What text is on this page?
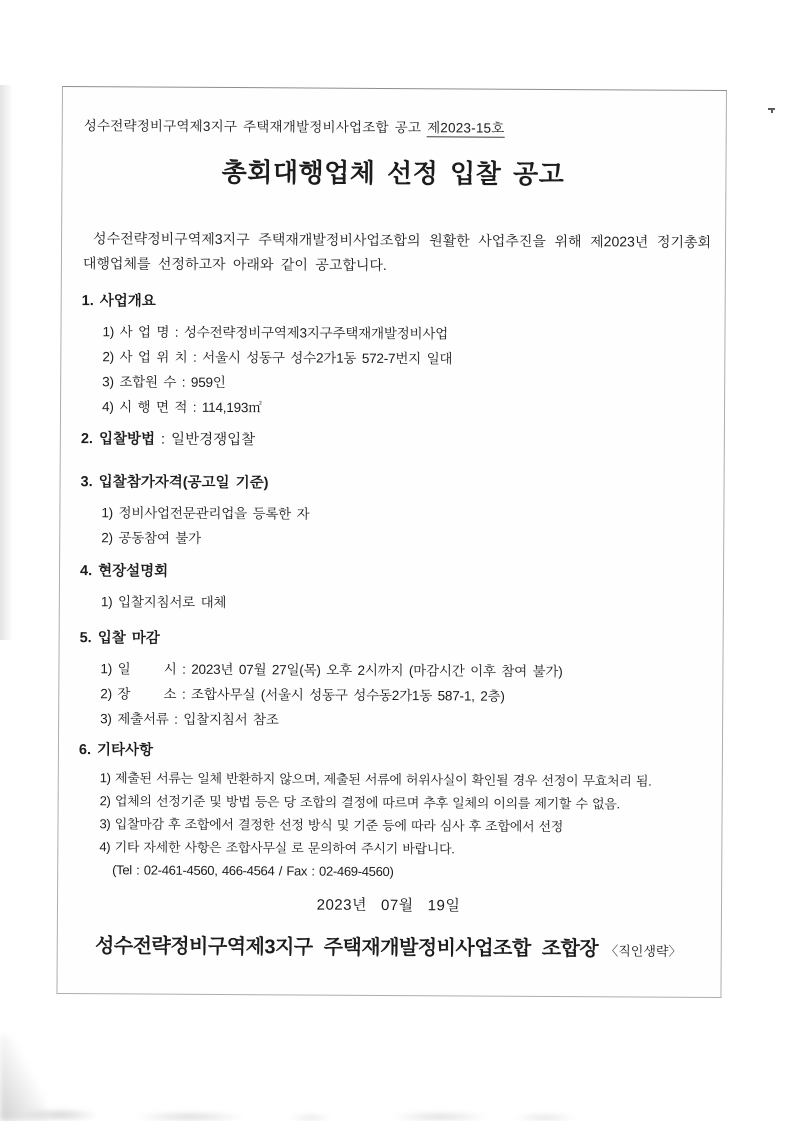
성수전략정비구역제3지구 주택재개발정비사업조합 공고 제2023-15호
총회대행업체 선정 입찰 공고
성수전략정비구역제3지구 주택재개발정비사업조합의 원활한 사업추진을 위해 제2023년 정기총회 대행업체를 선정하고자 아래와 같이 공고합니다.
1. 사업개요
1) 사 업 명 : 성수전략정비구역제3지구주택재개발정비사업
2) 사 업 위 치 : 서울시 성동구 성수2가1동 572-7번지 일대
3) 조합원 수 : 959인
4) 시 행 면 적 : 114,193㎡
2. 입찰방법 : 일반경쟁입찰
3. 입찰참가자격(공고일 기준)
1) 정비사업전문관리업을 등록한 자
2) 공동참여 불가
4. 현장설명회
1) 입찰지침서로 대체
5. 입찰 마감
1) 일      시 : 2023년 07월 27일(목) 오후 2시까지 (마감시간 이후 참여 불가)
2) 장      소 : 조합사무실 (서울시 성동구 성수동2가1동 587-1, 2층)
3) 제출서류 : 입찰지침서 참조
6. 기타사항
1) 제출된 서류는 일체 반환하지 않으며, 제출된 서류에 허위사실이 확인될 경우 선정이 무효처리 됨.
2) 업체의 선정기준 및 방법 등은 당 조합의 결정에 따르며 추후 일체의 이의를 제기할 수 없음.
3) 입찰마감 후 조합에서 결정한 선정 방식 및 기준 등에 따라 심사 후 조합에서 선정
4) 기타 자세한 사항은 조합사무실 로 문의하여 주시기 바랍니다.
(Tel : 02-461-4560, 466-4564 / Fax : 02-469-4560)
2023년   07월   19일
성수전략정비구역제3지구 주택재개발정비사업조합 조합장 〈직인생략〉
